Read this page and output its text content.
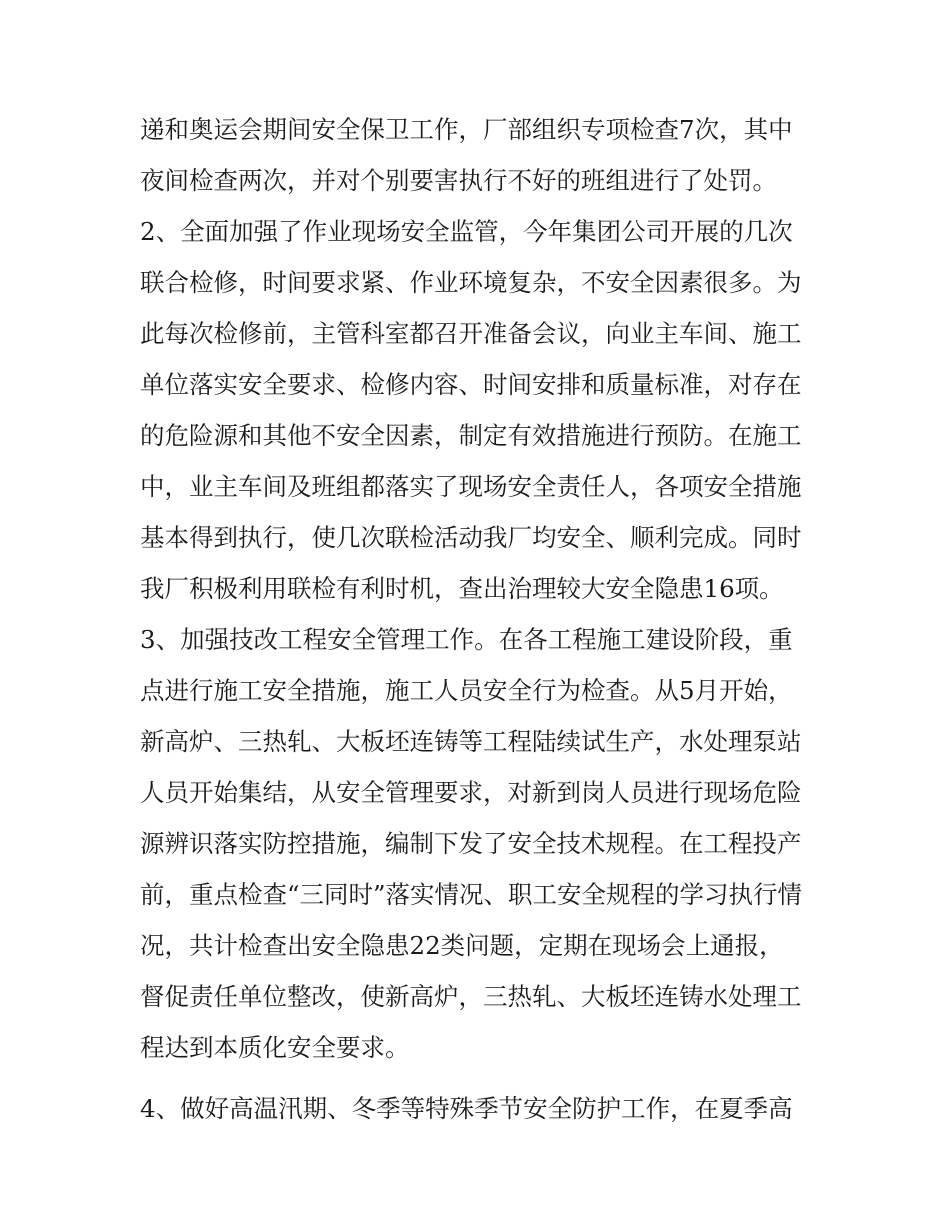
递和奥运会期间安全保卫工作，厂部组织专项检查7次，其中
夜间检查两次，并对个别要害执行不好的班组进行了处罚。
2、全面加强了作业现场安全监管，今年集团公司开展的几次
联合检修，时间要求紧、作业环境复杂，不安全因素很多。为
此每次检修前，主管科室都召开准备会议，向业主车间、施工
单位落实安全要求、检修内容、时间安排和质量标准，对存在
的危险源和其他不安全因素，制定有效措施进行预防。在施工
中，业主车间及班组都落实了现场安全责任人，各项安全措施
基本得到执行，使几次联检活动我厂均安全、顺利完成。同时
我厂积极利用联检有利时机，查出治理较大安全隐患16项。
3、加强技改工程安全管理工作。在各工程施工建设阶段，重
点进行施工安全措施，施工人员安全行为检查。从5月开始，
新高炉、三热轧、大板坯连铸等工程陆续试生产，水处理泵站
人员开始集结，从安全管理要求，对新到岗人员进行现场危险
源辨识落实防控措施，编制下发了安全技术规程。在工程投产
前，重点检查“三同时”落实情况、职工安全规程的学习执行情
况，共计检查出安全隐患22类问题，定期在现场会上通报，
督促责任单位整改，使新高炉，三热轧、大板坯连铸水处理工
程达到本质化安全要求。
4、做好高温汛期、冬季等特殊季节安全防护工作，在夏季高
